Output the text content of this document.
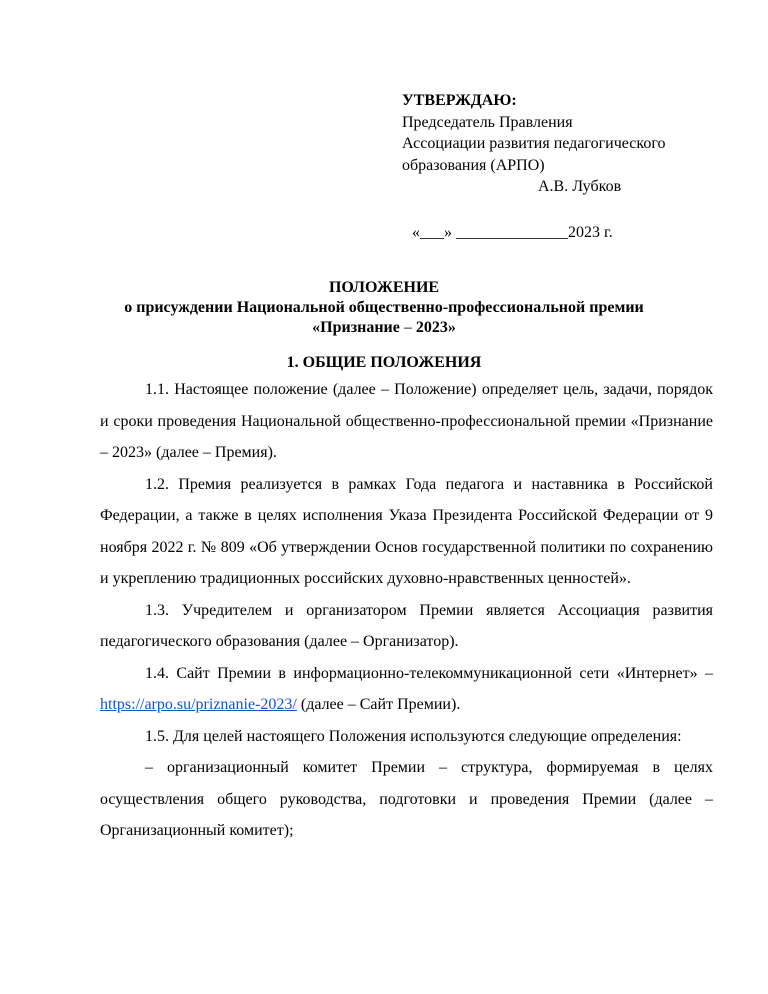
УТВЕРЖДАЮ:
Председатель Правления
Ассоциации развития педагогического
образования (АРПО)
А.В. Лубков
«___» ______________2023 г.
ПОЛОЖЕНИЕ
о присуждении Национальной общественно-профессиональной премии
«Признание – 2023»
1. ОБЩИЕ ПОЛОЖЕНИЯ

1.1. Настоящее положение (далее – Положение) определяет цель, задачи, порядок и сроки проведения Национальной общественно-профессиональной премии «Признание – 2023» (далее – Премия).

1.2. Премия реализуется в рамках Года педагога и наставника в Российской Федерации, а также в целях исполнения Указа Президента Российской Федерации от 9 ноября 2022 г. № 809 «Об утверждении Основ государственной политики по сохранению и укреплению традиционных российских духовно-нравственных ценностей».

1.3. Учредителем и организатором Премии является Ассоциация развития педагогического образования (далее – Организатор).

1.4. Сайт Премии в информационно-телекоммуникационной сети «Интернет» – https://arpo.su/priznanie-2023/ (далее – Сайт Премии).

1.5. Для целей настоящего Положения используются следующие определения:

– организационный комитет Премии – структура, формируемая в целях осуществления общего руководства, подготовки и проведения Премии (далее – Организационный комитет);
